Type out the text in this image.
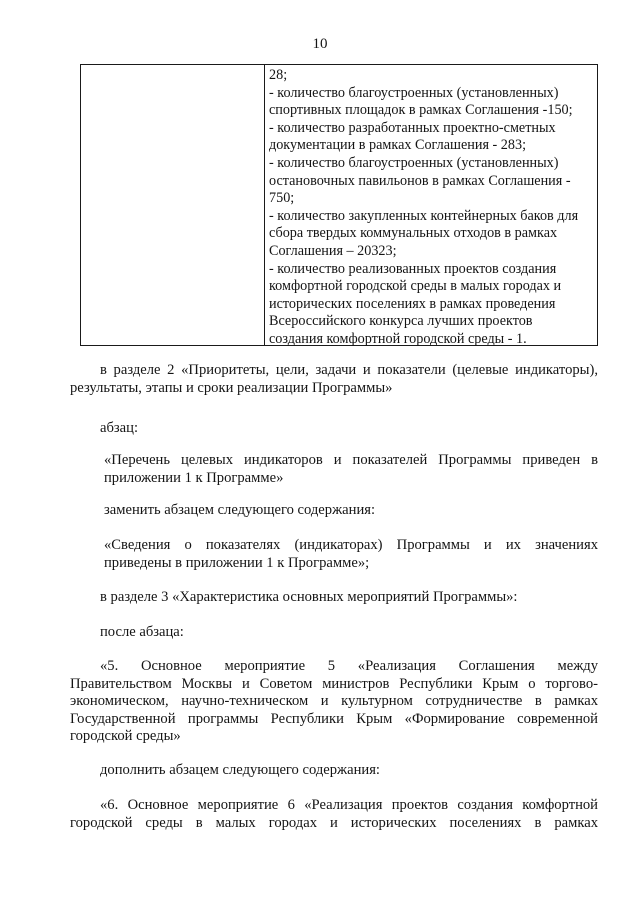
10
28;
- количество благоустроенных (установленных)
спортивных площадок в рамках Соглашения -150;
- количество разработанных проектно-сметных
документации в рамках Соглашения - 283;
- количество благоустроенных (установленных)
остановочных павильонов в рамках Соглашения -
750;
- количество закупленных контейнерных баков для
сбора твердых коммунальных отходов в рамках
Соглашения – 20323;
- количество реализованных проектов создания
комфортной городской среды в малых городах и
исторических поселениях в рамках проведения
Всероссийского конкурса лучших проектов
создания комфортной городской среды - 1.
в разделе 2 «Приоритеты, цели, задачи и показатели (целевые индикаторы),
результаты, этапы и сроки реализации Программы»
абзац:
«Перечень целевых индикаторов и показателей Программы приведен в
приложении 1 к Программе»
заменить абзацем следующего содержания:
«Сведения о показателях (индикаторах) Программы и их значениях
приведены в приложении 1 к Программе»;
в разделе 3 «Характеристика основных мероприятий Программы»:
после абзаца:
«5. Основное мероприятие 5 «Реализация Соглашения между
Правительством Москвы и Советом министров Республики Крым о торгово-
экономическом, научно-техническом и культурном сотрудничестве в рамках
Государственной программы Республики Крым «Формирование современной
городской среды»
дополнить абзацем следующего содержания:
«6. Основное мероприятие 6 «Реализация проектов создания комфортной
городской среды в малых городах и исторических поселениях в рамках
